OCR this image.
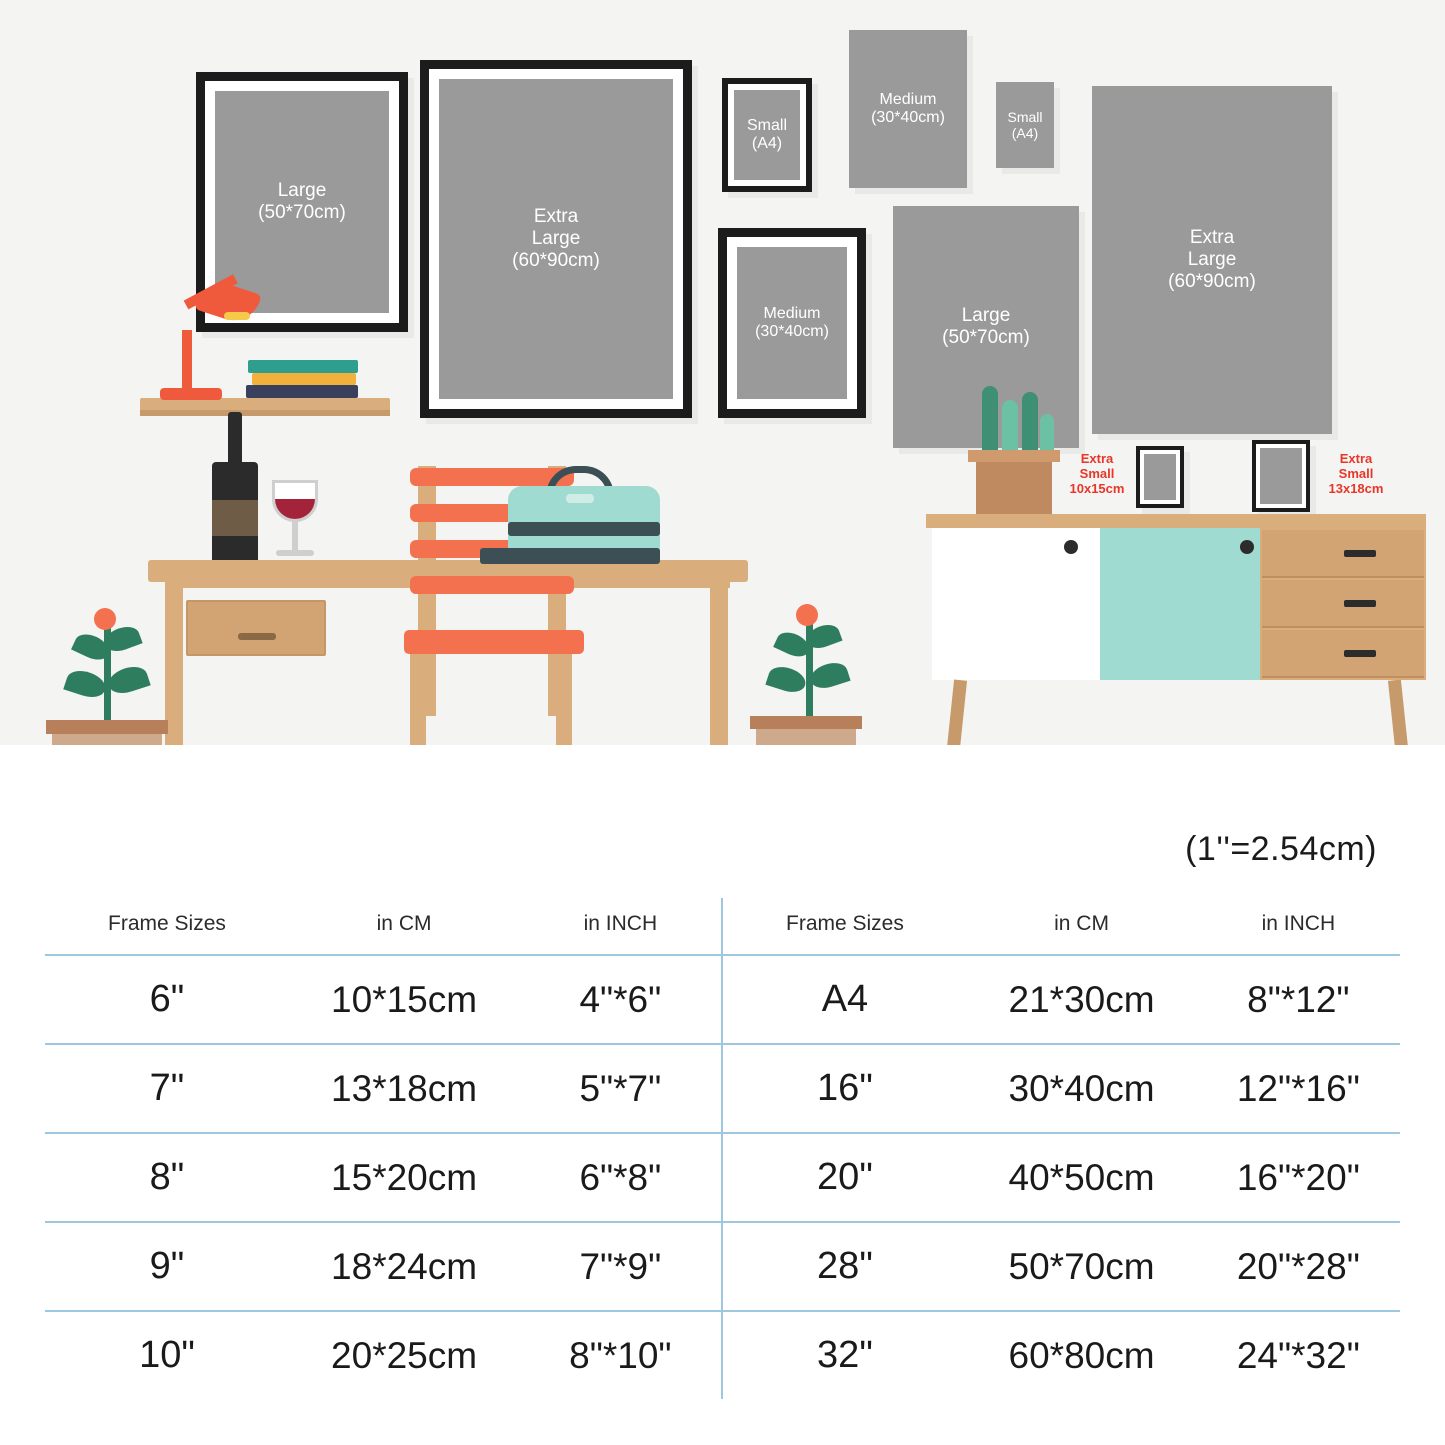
Large
(50*70cm)	Extra
Large
(60*90cm)
Small
(A4)
Medium
(30*40cm)	Small
(A4)
Extra
Large
(60*90cm)
Medium
(30*40cm)
Large
(50*70cm)
Extra
Small
10x15cm
Extra
Small
13x18cm
(1''=2.54cm)
Frame Sizes	in CM	in INCH	Frame Sizes	in CM	in INCH
6"	10*15cm	4"*6"	A4	21*30cm	8"*12"
7"	13*18cm	5"*7"	16"	30*40cm	12"*16"
8"	15*20cm	6"*8"	20"	40*50cm	16"*20"
9"	18*24cm	7"*9"	28"	50*70cm	20"*28"
10"	20*25cm	8"*10"	32"	60*80cm	24"*32"
